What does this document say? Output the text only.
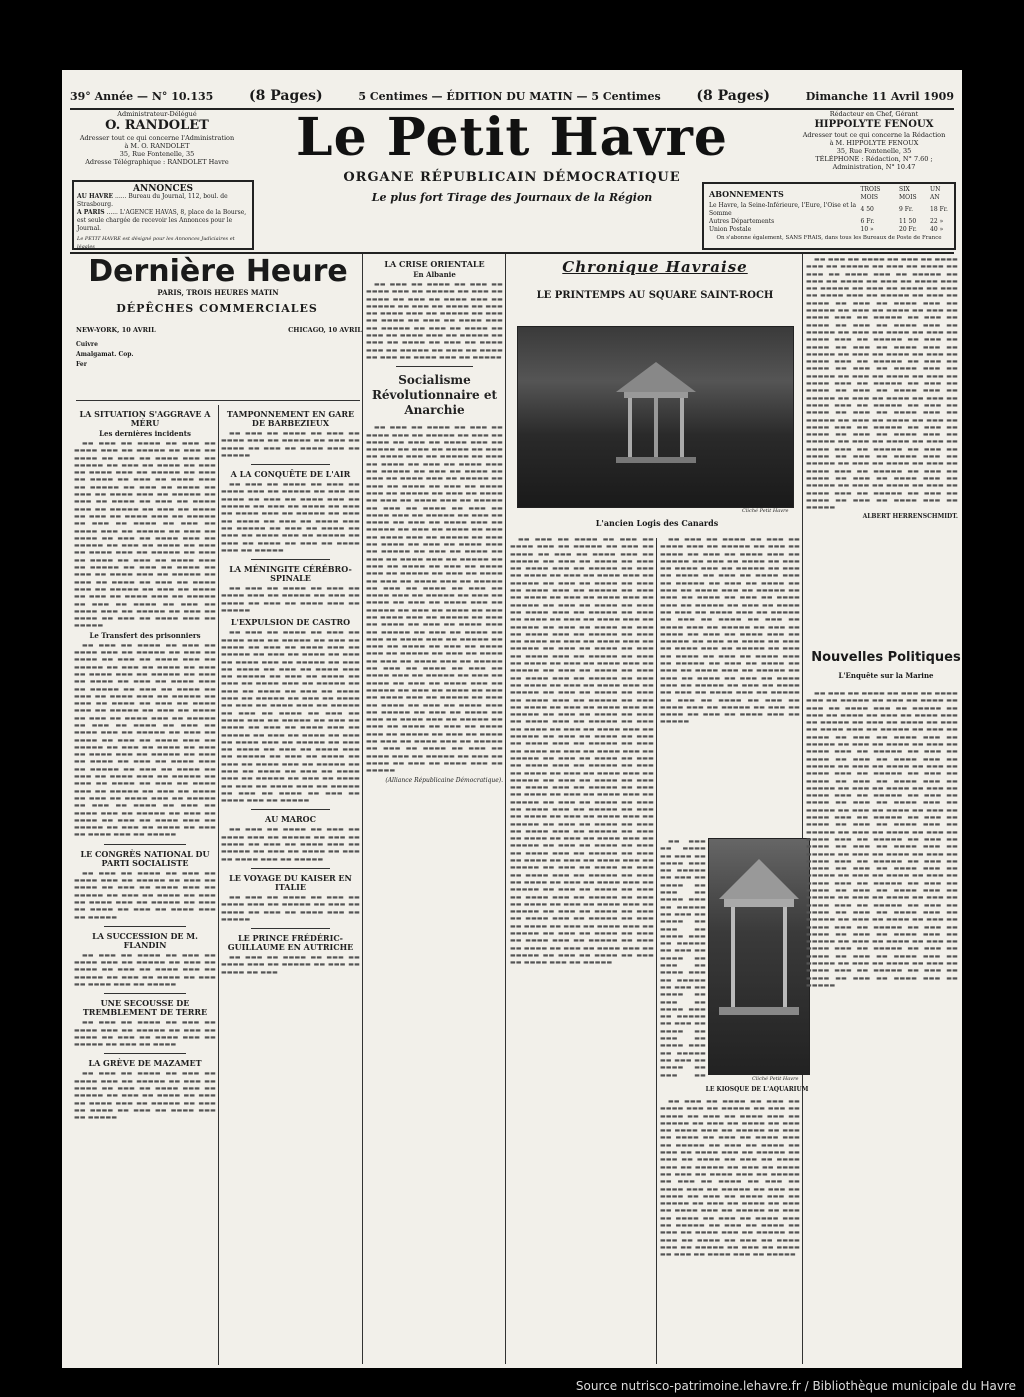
39° Année — N° 10.135	(8 Pages)	5 Centimes — ÉDITION DU MATIN — 5 Centimes	(8 Pages)	Dimanche 11 Avril 1909
Administrateur-Délégué
O. RANDOLET
Adresser tout ce qui concerne l'Administration
à M. O. RANDOLET
35, Rue Fontenelle, 35
Adresse Télégraphique : RANDOLET Havre
ANNONCES
AU HAVRE ...... Bureau du Journal, 112, boul. de Strasbourg.
A PARIS ...... L'AGENCE HAVAS, 8, place de la Bourse, est seule chargée de recevoir les Annonces pour le Journal.
Le PETIT HAVRE est désigné pour les Annonces Judiciaires et légales
Le Petit Havre
ORGANE RÉPUBLICAIN DÉMOCRATIQUE
Le plus fort Tirage des Journaux de la Région
Rédacteur en Chef, Gérant
HIPPOLYTE FENOUX
Adresser tout ce qui concerne la Rédaction
à M. HIPPOLYTE FENOUX
35, Rue Fontenelle, 35
TÉLÉPHONE : Rédaction, N° 7.60 ; Administration, N° 10.47
ABONNEMENTS	TROIS MOIS	SIX MOIS	UN AN
Le Havre, la Seine-Inférieure, l'Eure, l'Oise et la Somme	4 50	9 Fr.	18 Fr.
Autres Départements	6 Fr.	11 50	22 »
Union Postale	10 »	20 Fr.	40 »
On s'abonne également, SANS FRAIS, dans tous les Bureaux de Poste de France
Dernière Heure
PARIS, TROIS HEURES MATIN
DÉPÊCHES COMMERCIALES
NEW-YORK, 10 AVRIL	CHICAGO, 10 AVRIL
Cuivre
Amalgamat. Cop.
Fer
LA SITUATION S'AGGRAVE A MÉRU
Les dernières incidents

▬▬ ▬▬▬ ▬▬ ▬▬▬▬ ▬▬ ▬▬▬ ▬▬ ▬▬▬▬ ▬▬▬ ▬▬ ▬▬▬▬▬ ▬▬ ▬▬▬ ▬▬ ▬▬▬▬ ▬▬ ▬▬▬ ▬▬ ▬▬▬▬ ▬▬▬ ▬▬ ▬▬▬▬▬ ▬▬ ▬▬▬ ▬▬ ▬▬▬▬ ▬▬ ▬▬▬ ▬▬ ▬▬▬▬ ▬▬▬ ▬▬ ▬▬▬▬▬ ▬▬ ▬▬▬ ▬▬ ▬▬▬▬ ▬▬ ▬▬▬ ▬▬ ▬▬▬▬ ▬▬▬ ▬▬ ▬▬▬▬▬ ▬▬ ▬▬▬ ▬▬ ▬▬▬▬ ▬▬ ▬▬▬ ▬▬ ▬▬▬▬ ▬▬▬ ▬▬ ▬▬▬▬▬ ▬▬ ▬▬▬ ▬▬ ▬▬▬▬ ▬▬ ▬▬▬ ▬▬ ▬▬▬▬ ▬▬▬ ▬▬ ▬▬▬▬▬ ▬▬ ▬▬▬ ▬▬ ▬▬▬▬ ▬▬ ▬▬▬ ▬▬ ▬▬▬▬ ▬▬▬ ▬▬ ▬▬▬▬▬ ▬▬ ▬▬▬ ▬▬ ▬▬▬▬ ▬▬ ▬▬▬ ▬▬ ▬▬▬▬ ▬▬▬ ▬▬ ▬▬▬▬▬ ▬▬ ▬▬▬ ▬▬ ▬▬▬▬ ▬▬ ▬▬▬ ▬▬ ▬▬▬▬ ▬▬▬ ▬▬ ▬▬▬▬▬ ▬▬ ▬▬▬ ▬▬ ▬▬▬▬ ▬▬ ▬▬▬ ▬▬ ▬▬▬▬ ▬▬▬ ▬▬ ▬▬▬▬▬ ▬▬ ▬▬▬ ▬▬ ▬▬▬▬ ▬▬ ▬▬▬ ▬▬ ▬▬▬▬ ▬▬▬ ▬▬ ▬▬▬▬▬ ▬▬ ▬▬▬ ▬▬ ▬▬▬▬ ▬▬ ▬▬▬ ▬▬ ▬▬▬▬ ▬▬▬ ▬▬ ▬▬▬▬▬ ▬▬ ▬▬▬ ▬▬ ▬▬▬▬ ▬▬ ▬▬▬ ▬▬ ▬▬▬▬ ▬▬▬ ▬▬ ▬▬▬▬▬ ▬▬ ▬▬▬ ▬▬ ▬▬▬▬ ▬▬ ▬▬▬ ▬▬ ▬▬▬▬ ▬▬▬ ▬▬ ▬▬▬▬▬ ▬▬ ▬▬▬ ▬▬ ▬▬▬▬ ▬▬ ▬▬▬ ▬▬ ▬▬▬▬ ▬▬▬ ▬▬ ▬▬▬▬▬ ▬▬ ▬▬▬ ▬▬ ▬▬▬▬ ▬▬ ▬▬▬ ▬▬ ▬▬▬▬ ▬▬▬ ▬▬ ▬▬▬▬▬

Le Transfert des prisonniers

▬▬ ▬▬▬ ▬▬ ▬▬▬▬ ▬▬ ▬▬▬ ▬▬ ▬▬▬▬ ▬▬▬ ▬▬ ▬▬▬▬▬ ▬▬ ▬▬▬ ▬▬ ▬▬▬▬ ▬▬ ▬▬▬ ▬▬ ▬▬▬▬ ▬▬▬ ▬▬ ▬▬▬▬▬ ▬▬ ▬▬▬ ▬▬ ▬▬▬▬ ▬▬ ▬▬▬ ▬▬ ▬▬▬▬ ▬▬▬ ▬▬ ▬▬▬▬▬ ▬▬ ▬▬▬ ▬▬ ▬▬▬▬ ▬▬ ▬▬▬ ▬▬ ▬▬▬▬ ▬▬▬ ▬▬ ▬▬▬▬▬ ▬▬ ▬▬▬ ▬▬ ▬▬▬▬ ▬▬ ▬▬▬ ▬▬ ▬▬▬▬ ▬▬▬ ▬▬ ▬▬▬▬▬ ▬▬ ▬▬▬ ▬▬ ▬▬▬▬ ▬▬ ▬▬▬ ▬▬ ▬▬▬▬ ▬▬▬ ▬▬ ▬▬▬▬▬ ▬▬ ▬▬▬ ▬▬ ▬▬▬▬ ▬▬ ▬▬▬ ▬▬ ▬▬▬▬ ▬▬▬ ▬▬ ▬▬▬▬▬ ▬▬ ▬▬▬ ▬▬ ▬▬▬▬ ▬▬ ▬▬▬ ▬▬ ▬▬▬▬ ▬▬▬ ▬▬ ▬▬▬▬▬ ▬▬ ▬▬▬ ▬▬ ▬▬▬▬ ▬▬ ▬▬▬ ▬▬ ▬▬▬▬ ▬▬▬ ▬▬ ▬▬▬▬▬ ▬▬ ▬▬▬ ▬▬ ▬▬▬▬ ▬▬ ▬▬▬ ▬▬ ▬▬▬▬ ▬▬▬ ▬▬ ▬▬▬▬▬ ▬▬ ▬▬▬ ▬▬ ▬▬▬▬ ▬▬ ▬▬▬ ▬▬ ▬▬▬▬ ▬▬▬ ▬▬ ▬▬▬▬▬ ▬▬ ▬▬▬ ▬▬ ▬▬▬▬ ▬▬ ▬▬▬ ▬▬ ▬▬▬▬ ▬▬▬ ▬▬ ▬▬▬▬▬ ▬▬ ▬▬▬ ▬▬ ▬▬▬▬ ▬▬ ▬▬▬ ▬▬ ▬▬▬▬ ▬▬▬ ▬▬ ▬▬▬▬▬ ▬▬ ▬▬▬ ▬▬ ▬▬▬▬ ▬▬ ▬▬▬ ▬▬ ▬▬▬▬ ▬▬▬ ▬▬ ▬▬▬▬▬ ▬▬ ▬▬▬ ▬▬ ▬▬▬▬ ▬▬ ▬▬▬ ▬▬ ▬▬▬▬ ▬▬▬ ▬▬ ▬▬▬▬▬ ▬▬ ▬▬▬ ▬▬ ▬▬▬▬ ▬▬ ▬▬▬ ▬▬ ▬▬▬▬ ▬▬▬ ▬▬ ▬▬▬▬▬ ▬▬ ▬▬▬ ▬▬ ▬▬▬▬ ▬▬ ▬▬▬ ▬▬ ▬▬▬▬ ▬▬▬ ▬▬ ▬▬▬▬▬

LE CONGRÈS NATIONAL DU PARTI SOCIALISTE

▬▬ ▬▬▬ ▬▬ ▬▬▬▬ ▬▬ ▬▬▬ ▬▬ ▬▬▬▬ ▬▬▬ ▬▬ ▬▬▬▬▬ ▬▬ ▬▬▬ ▬▬ ▬▬▬▬ ▬▬ ▬▬▬ ▬▬ ▬▬▬▬ ▬▬▬ ▬▬ ▬▬▬▬▬ ▬▬ ▬▬▬ ▬▬ ▬▬▬▬ ▬▬ ▬▬▬ ▬▬ ▬▬▬▬ ▬▬▬ ▬▬ ▬▬▬▬▬ ▬▬ ▬▬▬ ▬▬ ▬▬▬▬ ▬▬ ▬▬▬ ▬▬ ▬▬▬▬ ▬▬▬ ▬▬ ▬▬▬▬▬

LA SUCCESSION DE M. FLANDIN

▬▬ ▬▬▬ ▬▬ ▬▬▬▬ ▬▬ ▬▬▬ ▬▬ ▬▬▬▬ ▬▬▬ ▬▬ ▬▬▬▬▬ ▬▬ ▬▬▬ ▬▬ ▬▬▬▬ ▬▬ ▬▬▬ ▬▬ ▬▬▬▬ ▬▬▬ ▬▬ ▬▬▬▬▬ ▬▬ ▬▬▬ ▬▬ ▬▬▬▬ ▬▬ ▬▬▬ ▬▬ ▬▬▬▬ ▬▬▬ ▬▬ ▬▬▬▬▬

UNE SECOUSSE DE TREMBLEMENT DE TERRE

▬▬ ▬▬▬ ▬▬ ▬▬▬▬ ▬▬ ▬▬▬ ▬▬ ▬▬▬▬ ▬▬▬ ▬▬ ▬▬▬▬▬ ▬▬ ▬▬▬ ▬▬ ▬▬▬▬ ▬▬ ▬▬▬ ▬▬ ▬▬▬▬ ▬▬▬ ▬▬ ▬▬▬▬▬ ▬▬ ▬▬▬ ▬▬ ▬▬▬▬

LA GRÈVE DE MAZAMET

▬▬ ▬▬▬ ▬▬ ▬▬▬▬ ▬▬ ▬▬▬ ▬▬ ▬▬▬▬ ▬▬▬ ▬▬ ▬▬▬▬▬ ▬▬ ▬▬▬ ▬▬ ▬▬▬▬ ▬▬ ▬▬▬ ▬▬ ▬▬▬▬ ▬▬▬ ▬▬ ▬▬▬▬▬ ▬▬ ▬▬▬ ▬▬ ▬▬▬▬ ▬▬ ▬▬▬ ▬▬ ▬▬▬▬ ▬▬▬ ▬▬ ▬▬▬▬▬ ▬▬ ▬▬▬ ▬▬ ▬▬▬▬ ▬▬ ▬▬▬ ▬▬ ▬▬▬▬ ▬▬▬ ▬▬ ▬▬▬▬▬

TAMPONNEMENT EN GARE DE BARBEZIEUX

▬▬ ▬▬▬ ▬▬ ▬▬▬▬ ▬▬ ▬▬▬ ▬▬ ▬▬▬▬ ▬▬▬ ▬▬ ▬▬▬▬▬ ▬▬ ▬▬▬ ▬▬ ▬▬▬▬ ▬▬ ▬▬▬ ▬▬ ▬▬▬▬ ▬▬▬ ▬▬ ▬▬▬▬▬

A LA CONQUÊTE DE L'AIR

▬▬ ▬▬▬ ▬▬ ▬▬▬▬ ▬▬ ▬▬▬ ▬▬ ▬▬▬▬ ▬▬▬ ▬▬ ▬▬▬▬▬ ▬▬ ▬▬▬ ▬▬ ▬▬▬▬ ▬▬ ▬▬▬ ▬▬ ▬▬▬▬ ▬▬▬ ▬▬ ▬▬▬▬▬ ▬▬ ▬▬▬ ▬▬ ▬▬▬▬ ▬▬ ▬▬▬ ▬▬ ▬▬▬▬ ▬▬▬ ▬▬ ▬▬▬▬▬ ▬▬ ▬▬▬ ▬▬ ▬▬▬▬ ▬▬ ▬▬▬ ▬▬ ▬▬▬▬ ▬▬▬ ▬▬ ▬▬▬▬▬ ▬▬ ▬▬▬ ▬▬ ▬▬▬▬ ▬▬ ▬▬▬ ▬▬ ▬▬▬▬ ▬▬▬ ▬▬ ▬▬▬▬▬ ▬▬ ▬▬▬ ▬▬ ▬▬▬▬ ▬▬ ▬▬▬ ▬▬ ▬▬▬▬ ▬▬▬ ▬▬ ▬▬▬▬▬

LA MÉNINGITE CÉRÉBRO-SPINALE

▬▬ ▬▬▬ ▬▬ ▬▬▬▬ ▬▬ ▬▬▬ ▬▬ ▬▬▬▬ ▬▬▬ ▬▬ ▬▬▬▬▬ ▬▬ ▬▬▬ ▬▬ ▬▬▬▬ ▬▬ ▬▬▬ ▬▬ ▬▬▬▬ ▬▬▬ ▬▬ ▬▬▬▬▬

L'EXPULSION DE CASTRO

▬▬ ▬▬▬ ▬▬ ▬▬▬▬ ▬▬ ▬▬▬ ▬▬ ▬▬▬▬ ▬▬▬ ▬▬ ▬▬▬▬▬ ▬▬ ▬▬▬ ▬▬ ▬▬▬▬ ▬▬ ▬▬▬ ▬▬ ▬▬▬▬ ▬▬▬ ▬▬ ▬▬▬▬▬ ▬▬ ▬▬▬ ▬▬ ▬▬▬▬ ▬▬ ▬▬▬ ▬▬ ▬▬▬▬ ▬▬▬ ▬▬ ▬▬▬▬▬ ▬▬ ▬▬▬ ▬▬ ▬▬▬▬ ▬▬ ▬▬▬ ▬▬ ▬▬▬▬ ▬▬▬ ▬▬ ▬▬▬▬▬ ▬▬ ▬▬▬ ▬▬ ▬▬▬▬ ▬▬ ▬▬▬ ▬▬ ▬▬▬▬ ▬▬▬ ▬▬ ▬▬▬▬▬ ▬▬ ▬▬▬ ▬▬ ▬▬▬▬ ▬▬ ▬▬▬ ▬▬ ▬▬▬▬ ▬▬▬ ▬▬ ▬▬▬▬▬ ▬▬ ▬▬▬ ▬▬ ▬▬▬▬ ▬▬ ▬▬▬ ▬▬ ▬▬▬▬ ▬▬▬ ▬▬ ▬▬▬▬▬ ▬▬ ▬▬▬ ▬▬ ▬▬▬▬ ▬▬ ▬▬▬ ▬▬ ▬▬▬▬ ▬▬▬ ▬▬ ▬▬▬▬▬ ▬▬ ▬▬▬ ▬▬ ▬▬▬▬ ▬▬ ▬▬▬ ▬▬ ▬▬▬▬ ▬▬▬ ▬▬ ▬▬▬▬▬ ▬▬ ▬▬▬ ▬▬ ▬▬▬▬ ▬▬ ▬▬▬ ▬▬ ▬▬▬▬ ▬▬▬ ▬▬ ▬▬▬▬▬ ▬▬ ▬▬▬ ▬▬ ▬▬▬▬ ▬▬ ▬▬▬ ▬▬ ▬▬▬▬ ▬▬▬ ▬▬ ▬▬▬▬▬ ▬▬ ▬▬▬ ▬▬ ▬▬▬▬ ▬▬ ▬▬▬ ▬▬ ▬▬▬▬ ▬▬▬ ▬▬ ▬▬▬▬▬ ▬▬ ▬▬▬ ▬▬ ▬▬▬▬ ▬▬ ▬▬▬ ▬▬ ▬▬▬▬ ▬▬▬ ▬▬ ▬▬▬▬▬ ▬▬ ▬▬▬ ▬▬ ▬▬▬▬ ▬▬ ▬▬▬ ▬▬ ▬▬▬▬ ▬▬▬ ▬▬ ▬▬▬▬▬ ▬▬ ▬▬▬ ▬▬ ▬▬▬▬ ▬▬ ▬▬▬ ▬▬ ▬▬▬▬ ▬▬▬ ▬▬ ▬▬▬▬▬

AU MAROC

▬▬ ▬▬▬ ▬▬ ▬▬▬▬ ▬▬ ▬▬▬ ▬▬ ▬▬▬▬ ▬▬▬ ▬▬ ▬▬▬▬▬ ▬▬ ▬▬▬ ▬▬ ▬▬▬▬ ▬▬ ▬▬▬ ▬▬ ▬▬▬▬ ▬▬▬ ▬▬ ▬▬▬▬▬ ▬▬ ▬▬▬ ▬▬ ▬▬▬▬ ▬▬ ▬▬▬ ▬▬ ▬▬▬▬ ▬▬▬ ▬▬ ▬▬▬▬▬

LE VOYAGE DU KAISER EN ITALIE

▬▬ ▬▬▬ ▬▬ ▬▬▬▬ ▬▬ ▬▬▬ ▬▬ ▬▬▬▬ ▬▬▬ ▬▬ ▬▬▬▬▬ ▬▬ ▬▬▬ ▬▬ ▬▬▬▬ ▬▬ ▬▬▬ ▬▬ ▬▬▬▬ ▬▬▬ ▬▬ ▬▬▬▬▬

LE PRINCE FRÉDÉRIC-GUILLAUME EN AUTRICHE

▬▬ ▬▬▬ ▬▬ ▬▬▬▬ ▬▬ ▬▬▬ ▬▬ ▬▬▬▬ ▬▬▬ ▬▬ ▬▬▬▬▬ ▬▬ ▬▬▬ ▬▬ ▬▬▬▬ ▬▬ ▬▬▬

LA CRISE ORIENTALE
En Albanie

▬▬ ▬▬▬ ▬▬ ▬▬▬▬ ▬▬ ▬▬▬ ▬▬ ▬▬▬▬ ▬▬▬ ▬▬ ▬▬▬▬▬ ▬▬ ▬▬▬ ▬▬ ▬▬▬▬ ▬▬ ▬▬▬ ▬▬ ▬▬▬▬ ▬▬▬ ▬▬ ▬▬▬▬▬ ▬▬ ▬▬▬ ▬▬ ▬▬▬▬ ▬▬ ▬▬▬ ▬▬ ▬▬▬▬ ▬▬▬ ▬▬ ▬▬▬▬▬ ▬▬ ▬▬▬ ▬▬ ▬▬▬▬ ▬▬ ▬▬▬ ▬▬ ▬▬▬▬ ▬▬▬ ▬▬ ▬▬▬▬▬ ▬▬ ▬▬▬ ▬▬ ▬▬▬▬ ▬▬ ▬▬▬ ▬▬ ▬▬▬▬ ▬▬▬ ▬▬ ▬▬▬▬▬ ▬▬ ▬▬▬ ▬▬ ▬▬▬▬ ▬▬ ▬▬▬ ▬▬ ▬▬▬▬ ▬▬▬ ▬▬ ▬▬▬▬▬ ▬▬ ▬▬▬ ▬▬ ▬▬▬▬ ▬▬ ▬▬▬ ▬▬ ▬▬▬▬ ▬▬▬ ▬▬ ▬▬▬▬▬

Socialisme Révolutionnaire et Anarchie

▬▬ ▬▬▬ ▬▬ ▬▬▬▬ ▬▬ ▬▬▬ ▬▬ ▬▬▬▬ ▬▬▬ ▬▬ ▬▬▬▬▬ ▬▬ ▬▬▬ ▬▬ ▬▬▬▬ ▬▬ ▬▬▬ ▬▬ ▬▬▬▬ ▬▬▬ ▬▬ ▬▬▬▬▬ ▬▬ ▬▬▬ ▬▬ ▬▬▬▬ ▬▬ ▬▬▬ ▬▬ ▬▬▬▬ ▬▬▬ ▬▬ ▬▬▬▬▬ ▬▬ ▬▬▬ ▬▬ ▬▬▬▬ ▬▬ ▬▬▬ ▬▬ ▬▬▬▬ ▬▬▬ ▬▬ ▬▬▬▬▬ ▬▬ ▬▬▬ ▬▬ ▬▬▬▬ ▬▬ ▬▬▬ ▬▬ ▬▬▬▬ ▬▬▬ ▬▬ ▬▬▬▬▬ ▬▬ ▬▬▬ ▬▬ ▬▬▬▬ ▬▬ ▬▬▬ ▬▬ ▬▬▬▬ ▬▬▬ ▬▬ ▬▬▬▬▬ ▬▬ ▬▬▬ ▬▬ ▬▬▬▬ ▬▬ ▬▬▬ ▬▬ ▬▬▬▬ ▬▬▬ ▬▬ ▬▬▬▬▬ ▬▬ ▬▬▬ ▬▬ ▬▬▬▬ ▬▬ ▬▬▬ ▬▬ ▬▬▬▬ ▬▬▬ ▬▬ ▬▬▬▬▬ ▬▬ ▬▬▬ ▬▬ ▬▬▬▬ ▬▬ ▬▬▬ ▬▬ ▬▬▬▬ ▬▬▬ ▬▬ ▬▬▬▬▬ ▬▬ ▬▬▬ ▬▬ ▬▬▬▬ ▬▬ ▬▬▬ ▬▬ ▬▬▬▬ ▬▬▬ ▬▬ ▬▬▬▬▬ ▬▬ ▬▬▬ ▬▬ ▬▬▬▬ ▬▬ ▬▬▬ ▬▬ ▬▬▬▬ ▬▬▬ ▬▬ ▬▬▬▬▬ ▬▬ ▬▬▬ ▬▬ ▬▬▬▬ ▬▬ ▬▬▬ ▬▬ ▬▬▬▬ ▬▬▬ ▬▬ ▬▬▬▬▬ ▬▬ ▬▬▬ ▬▬ ▬▬▬▬ ▬▬ ▬▬▬ ▬▬ ▬▬▬▬ ▬▬▬ ▬▬ ▬▬▬▬▬ ▬▬ ▬▬▬ ▬▬ ▬▬▬▬ ▬▬ ▬▬▬ ▬▬ ▬▬▬▬ ▬▬▬ ▬▬ ▬▬▬▬▬ ▬▬ ▬▬▬ ▬▬ ▬▬▬▬ ▬▬ ▬▬▬ ▬▬ ▬▬▬▬ ▬▬▬ ▬▬ ▬▬▬▬▬ ▬▬ ▬▬▬ ▬▬ ▬▬▬▬ ▬▬ ▬▬▬ ▬▬ ▬▬▬▬ ▬▬▬ ▬▬ ▬▬▬▬▬ ▬▬ ▬▬▬ ▬▬ ▬▬▬▬ ▬▬ ▬▬▬ ▬▬ ▬▬▬▬ ▬▬▬ ▬▬ ▬▬▬▬▬ ▬▬ ▬▬▬ ▬▬ ▬▬▬▬ ▬▬ ▬▬▬ ▬▬ ▬▬▬▬ ▬▬▬ ▬▬ ▬▬▬▬▬ ▬▬ ▬▬▬ ▬▬ ▬▬▬▬ ▬▬ ▬▬▬ ▬▬ ▬▬▬▬ ▬▬▬ ▬▬ ▬▬▬▬▬ ▬▬ ▬▬▬ ▬▬ ▬▬▬▬ ▬▬ ▬▬▬ ▬▬ ▬▬▬▬ ▬▬▬ ▬▬ ▬▬▬▬▬ ▬▬ ▬▬▬ ▬▬ ▬▬▬▬ ▬▬ ▬▬▬ ▬▬ ▬▬▬▬ ▬▬▬ ▬▬ ▬▬▬▬▬ ▬▬ ▬▬▬ ▬▬ ▬▬▬▬ ▬▬ ▬▬▬ ▬▬ ▬▬▬▬ ▬▬▬ ▬▬ ▬▬▬▬▬ ▬▬ ▬▬▬ ▬▬ ▬▬▬▬ ▬▬ ▬▬▬ ▬▬ ▬▬▬▬ ▬▬▬ ▬▬ ▬▬▬▬▬ ▬▬ ▬▬▬ ▬▬ ▬▬▬▬ ▬▬ ▬▬▬ ▬▬ ▬▬▬▬ ▬▬▬ ▬▬ ▬▬▬▬▬ ▬▬ ▬▬▬ ▬▬ ▬▬▬▬ ▬▬ ▬▬▬ ▬▬ ▬▬▬▬ ▬▬▬ ▬▬ ▬▬▬▬▬ ▬▬ ▬▬▬ ▬▬ ▬▬▬▬ ▬▬ ▬▬▬ ▬▬ ▬▬▬▬ ▬▬▬ ▬▬ ▬▬▬▬▬ ▬▬ ▬▬▬ ▬▬ ▬▬▬▬ ▬▬ ▬▬▬ ▬▬ ▬▬▬▬ ▬▬▬ ▬▬ ▬▬▬▬▬ ▬▬ ▬▬▬ ▬▬ ▬▬▬▬ ▬▬ ▬▬▬ ▬▬ ▬▬▬▬ ▬▬▬ ▬▬ ▬▬▬▬▬ ▬▬ ▬▬▬ ▬▬ ▬▬▬▬ ▬▬ ▬▬▬ ▬▬ ▬▬▬▬ ▬▬▬ ▬▬ ▬▬▬▬▬ ▬▬ ▬▬▬ ▬▬ ▬▬▬▬ ▬▬ ▬▬▬ ▬▬ ▬▬▬▬ ▬▬▬ ▬▬ ▬▬▬▬▬

(Alliance Républicaine Démocratique).

Chronique Havraise
LE PRINTEMPS AU SQUARE SAINT-ROCH
Cliché Petit Havre
L'ancien Logis des Canards

▬▬ ▬▬▬ ▬▬ ▬▬▬▬ ▬▬ ▬▬▬ ▬▬ ▬▬▬▬ ▬▬▬ ▬▬ ▬▬▬▬▬ ▬▬ ▬▬▬ ▬▬ ▬▬▬▬ ▬▬ ▬▬▬ ▬▬ ▬▬▬▬ ▬▬▬ ▬▬ ▬▬▬▬▬ ▬▬ ▬▬▬ ▬▬ ▬▬▬▬ ▬▬ ▬▬▬ ▬▬ ▬▬▬▬ ▬▬▬ ▬▬ ▬▬▬▬▬ ▬▬ ▬▬▬ ▬▬ ▬▬▬▬ ▬▬ ▬▬▬ ▬▬ ▬▬▬▬ ▬▬▬ ▬▬ ▬▬▬▬▬ ▬▬ ▬▬▬ ▬▬ ▬▬▬▬ ▬▬ ▬▬▬ ▬▬ ▬▬▬▬ ▬▬▬ ▬▬ ▬▬▬▬▬ ▬▬ ▬▬▬ ▬▬ ▬▬▬▬ ▬▬ ▬▬▬ ▬▬ ▬▬▬▬ ▬▬▬ ▬▬ ▬▬▬▬▬ ▬▬ ▬▬▬ ▬▬ ▬▬▬▬ ▬▬ ▬▬▬ ▬▬ ▬▬▬▬ ▬▬▬ ▬▬ ▬▬▬▬▬ ▬▬ ▬▬▬ ▬▬ ▬▬▬▬ ▬▬ ▬▬▬ ▬▬ ▬▬▬▬ ▬▬▬ ▬▬ ▬▬▬▬▬ ▬▬ ▬▬▬ ▬▬ ▬▬▬▬ ▬▬ ▬▬▬ ▬▬ ▬▬▬▬ ▬▬▬ ▬▬ ▬▬▬▬▬ ▬▬ ▬▬▬ ▬▬ ▬▬▬▬ ▬▬ ▬▬▬ ▬▬ ▬▬▬▬ ▬▬▬ ▬▬ ▬▬▬▬▬ ▬▬ ▬▬▬ ▬▬ ▬▬▬▬ ▬▬ ▬▬▬ ▬▬ ▬▬▬▬ ▬▬▬ ▬▬ ▬▬▬▬▬ ▬▬ ▬▬▬ ▬▬ ▬▬▬▬ ▬▬ ▬▬▬ ▬▬ ▬▬▬▬ ▬▬▬ ▬▬ ▬▬▬▬▬ ▬▬ ▬▬▬ ▬▬ ▬▬▬▬ ▬▬ ▬▬▬ ▬▬ ▬▬▬▬ ▬▬▬ ▬▬ ▬▬▬▬▬ ▬▬ ▬▬▬ ▬▬ ▬▬▬▬ ▬▬ ▬▬▬ ▬▬ ▬▬▬▬ ▬▬▬ ▬▬ ▬▬▬▬▬ ▬▬ ▬▬▬ ▬▬ ▬▬▬▬ ▬▬ ▬▬▬ ▬▬ ▬▬▬▬ ▬▬▬ ▬▬ ▬▬▬▬▬ ▬▬ ▬▬▬ ▬▬ ▬▬▬▬ ▬▬ ▬▬▬ ▬▬ ▬▬▬▬ ▬▬▬ ▬▬ ▬▬▬▬▬ ▬▬ ▬▬▬ ▬▬ ▬▬▬▬ ▬▬ ▬▬▬ ▬▬ ▬▬▬▬ ▬▬▬ ▬▬ ▬▬▬▬▬ ▬▬ ▬▬▬ ▬▬ ▬▬▬▬ ▬▬ ▬▬▬ ▬▬ ▬▬▬▬ ▬▬▬ ▬▬ ▬▬▬▬▬ ▬▬ ▬▬▬ ▬▬ ▬▬▬▬ ▬▬ ▬▬▬ ▬▬ ▬▬▬▬ ▬▬▬ ▬▬ ▬▬▬▬▬ ▬▬ ▬▬▬ ▬▬ ▬▬▬▬ ▬▬ ▬▬▬ ▬▬ ▬▬▬▬ ▬▬▬ ▬▬ ▬▬▬▬▬ ▬▬ ▬▬▬ ▬▬ ▬▬▬▬ ▬▬ ▬▬▬ ▬▬ ▬▬▬▬ ▬▬▬ ▬▬ ▬▬▬▬▬ ▬▬ ▬▬▬ ▬▬ ▬▬▬▬ ▬▬ ▬▬▬ ▬▬ ▬▬▬▬ ▬▬▬ ▬▬ ▬▬▬▬▬ ▬▬ ▬▬▬ ▬▬ ▬▬▬▬ ▬▬ ▬▬▬ ▬▬ ▬▬▬▬ ▬▬▬ ▬▬ ▬▬▬▬▬ ▬▬ ▬▬▬ ▬▬ ▬▬▬▬ ▬▬ ▬▬▬ ▬▬ ▬▬▬▬ ▬▬▬ ▬▬ ▬▬▬▬▬ ▬▬ ▬▬▬ ▬▬ ▬▬▬▬ ▬▬ ▬▬▬ ▬▬ ▬▬▬▬ ▬▬▬ ▬▬ ▬▬▬▬▬ ▬▬ ▬▬▬ ▬▬ ▬▬▬▬ ▬▬ ▬▬▬ ▬▬ ▬▬▬▬ ▬▬▬ ▬▬ ▬▬▬▬▬ ▬▬ ▬▬▬ ▬▬ ▬▬▬▬ ▬▬ ▬▬▬ ▬▬ ▬▬▬▬ ▬▬▬ ▬▬ ▬▬▬▬▬ ▬▬ ▬▬▬ ▬▬ ▬▬▬▬ ▬▬ ▬▬▬ ▬▬ ▬▬▬▬ ▬▬▬ ▬▬ ▬▬▬▬▬ ▬▬ ▬▬▬ ▬▬ ▬▬▬▬ ▬▬ ▬▬▬ ▬▬ ▬▬▬▬ ▬▬▬ ▬▬ ▬▬▬▬▬ ▬▬ ▬▬▬ ▬▬ ▬▬▬▬ ▬▬ ▬▬▬ ▬▬ ▬▬▬▬ ▬▬▬ ▬▬ ▬▬▬▬▬ ▬▬ ▬▬▬ ▬▬ ▬▬▬▬ ▬▬ ▬▬▬ ▬▬ ▬▬▬▬ ▬▬▬ ▬▬ ▬▬▬▬▬ ▬▬ ▬▬▬ ▬▬ ▬▬▬▬ ▬▬ ▬▬▬ ▬▬ ▬▬▬▬ ▬▬▬ ▬▬ ▬▬▬▬▬ ▬▬ ▬▬▬ ▬▬ ▬▬▬▬ ▬▬ ▬▬▬ ▬▬ ▬▬▬▬ ▬▬▬ ▬▬ ▬▬▬▬▬ ▬▬ ▬▬▬ ▬▬ ▬▬▬▬ ▬▬ ▬▬▬ ▬▬ ▬▬▬▬ ▬▬▬ ▬▬ ▬▬▬▬▬ ▬▬ ▬▬▬ ▬▬ ▬▬▬▬ ▬▬ ▬▬▬ ▬▬ ▬▬▬▬ ▬▬▬ ▬▬ ▬▬▬▬▬ ▬▬ ▬▬▬ ▬▬ ▬▬▬▬ ▬▬ ▬▬▬ ▬▬ ▬▬▬▬ ▬▬▬ ▬▬ ▬▬▬▬▬ ▬▬ ▬▬▬ ▬▬ ▬▬▬▬ ▬▬ ▬▬▬ ▬▬ ▬▬▬▬ ▬▬▬ ▬▬ ▬▬▬▬▬ ▬▬ ▬▬▬ ▬▬ ▬▬▬▬ ▬▬ ▬▬▬ ▬▬ ▬▬▬▬ ▬▬▬ ▬▬ ▬▬▬▬▬ ▬▬ ▬▬▬ ▬▬ ▬▬▬▬ ▬▬ ▬▬▬ ▬▬ ▬▬▬▬ ▬▬▬ ▬▬ ▬▬▬▬▬

▬▬ ▬▬▬ ▬▬ ▬▬▬▬ ▬▬ ▬▬▬ ▬▬ ▬▬▬▬ ▬▬▬ ▬▬ ▬▬▬▬▬ ▬▬ ▬▬▬ ▬▬ ▬▬▬▬ ▬▬ ▬▬▬ ▬▬ ▬▬▬▬ ▬▬▬ ▬▬ ▬▬▬▬▬ ▬▬ ▬▬▬ ▬▬ ▬▬▬▬ ▬▬ ▬▬▬ ▬▬ ▬▬▬▬ ▬▬▬ ▬▬ ▬▬▬▬▬ ▬▬ ▬▬▬ ▬▬ ▬▬▬▬ ▬▬ ▬▬▬ ▬▬ ▬▬▬▬ ▬▬▬ ▬▬ ▬▬▬▬▬ ▬▬ ▬▬▬ ▬▬ ▬▬▬▬ ▬▬ ▬▬▬ ▬▬ ▬▬▬▬ ▬▬▬ ▬▬ ▬▬▬▬▬ ▬▬ ▬▬▬ ▬▬ ▬▬▬▬ ▬▬ ▬▬▬ ▬▬ ▬▬▬▬ ▬▬▬ ▬▬ ▬▬▬▬▬ ▬▬ ▬▬▬ ▬▬ ▬▬▬▬ ▬▬ ▬▬▬ ▬▬ ▬▬▬▬ ▬▬▬ ▬▬ ▬▬▬▬▬ ▬▬ ▬▬▬ ▬▬ ▬▬▬▬ ▬▬ ▬▬▬ ▬▬ ▬▬▬▬ ▬▬▬ ▬▬ ▬▬▬▬▬ ▬▬ ▬▬▬ ▬▬ ▬▬▬▬ ▬▬ ▬▬▬ ▬▬ ▬▬▬▬ ▬▬▬ ▬▬ ▬▬▬▬▬ ▬▬ ▬▬▬ ▬▬ ▬▬▬▬ ▬▬ ▬▬▬ ▬▬ ▬▬▬▬ ▬▬▬ ▬▬ ▬▬▬▬▬ ▬▬ ▬▬▬ ▬▬ ▬▬▬▬ ▬▬ ▬▬▬ ▬▬ ▬▬▬▬ ▬▬▬ ▬▬ ▬▬▬▬▬ ▬▬ ▬▬▬ ▬▬ ▬▬▬▬ ▬▬ ▬▬▬ ▬▬ ▬▬▬▬ ▬▬▬ ▬▬ ▬▬▬▬▬ ▬▬ ▬▬▬ ▬▬ ▬▬▬▬ ▬▬ ▬▬▬ ▬▬ ▬▬▬▬ ▬▬▬ ▬▬ ▬▬▬▬▬ ▬▬ ▬▬▬ ▬▬ ▬▬▬▬ ▬▬ ▬▬▬ ▬▬ ▬▬▬▬ ▬▬▬ ▬▬ ▬▬▬▬▬ ▬▬ ▬▬▬ ▬▬ ▬▬▬▬ ▬▬ ▬▬▬ ▬▬ ▬▬▬▬ ▬▬▬ ▬▬ ▬▬▬▬▬ ▬▬ ▬▬▬ ▬▬ ▬▬▬▬ ▬▬ ▬▬▬ ▬▬ ▬▬▬▬ ▬▬▬ ▬▬ ▬▬▬▬▬

▬▬ ▬▬▬ ▬▬ ▬▬▬▬ ▬▬ ▬▬▬ ▬▬ ▬▬▬▬ ▬▬▬ ▬▬ ▬▬▬▬▬ ▬▬ ▬▬▬ ▬▬ ▬▬▬▬ ▬▬ ▬▬▬ ▬▬ ▬▬▬▬ ▬▬▬ ▬▬ ▬▬▬▬▬ ▬▬ ▬▬▬ ▬▬ ▬▬▬▬ ▬▬ ▬▬▬ ▬▬ ▬▬▬▬ ▬▬▬ ▬▬ ▬▬▬▬▬ ▬▬ ▬▬▬ ▬▬ ▬▬▬▬ ▬▬ ▬▬▬ ▬▬ ▬▬▬▬ ▬▬▬ ▬▬ ▬▬▬▬▬ ▬▬ ▬▬▬ ▬▬ ▬▬▬▬ ▬▬ ▬▬▬ ▬▬ ▬▬▬▬ ▬▬▬ ▬▬ ▬▬▬▬▬ ▬▬ ▬▬▬ ▬▬ ▬▬▬▬ ▬▬ ▬▬▬ ▬▬ ▬▬▬▬ ▬▬▬ ▬▬ ▬▬▬▬▬ ▬▬ ▬▬▬ ▬▬ ▬▬▬▬ ▬▬ ▬▬▬ ▬▬

Cliché Petit Havre
LE KIOSQUE DE L'AQUARIUM

▬▬ ▬▬▬ ▬▬ ▬▬▬▬ ▬▬ ▬▬▬ ▬▬ ▬▬▬▬ ▬▬▬ ▬▬ ▬▬▬▬▬ ▬▬ ▬▬▬ ▬▬ ▬▬▬▬ ▬▬ ▬▬▬ ▬▬ ▬▬▬▬ ▬▬▬ ▬▬ ▬▬▬▬▬ ▬▬ ▬▬▬ ▬▬ ▬▬▬▬ ▬▬ ▬▬▬ ▬▬ ▬▬▬▬ ▬▬▬ ▬▬ ▬▬▬▬▬ ▬▬ ▬▬▬ ▬▬ ▬▬▬▬ ▬▬ ▬▬▬ ▬▬ ▬▬▬▬ ▬▬▬ ▬▬ ▬▬▬▬▬ ▬▬ ▬▬▬ ▬▬ ▬▬▬▬ ▬▬ ▬▬▬ ▬▬ ▬▬▬▬ ▬▬▬ ▬▬ ▬▬▬▬▬ ▬▬ ▬▬▬ ▬▬ ▬▬▬▬ ▬▬ ▬▬▬ ▬▬ ▬▬▬▬ ▬▬▬ ▬▬ ▬▬▬▬▬ ▬▬ ▬▬▬ ▬▬ ▬▬▬▬ ▬▬ ▬▬▬ ▬▬ ▬▬▬▬ ▬▬▬ ▬▬ ▬▬▬▬▬ ▬▬ ▬▬▬ ▬▬ ▬▬▬▬ ▬▬ ▬▬▬ ▬▬ ▬▬▬▬ ▬▬▬ ▬▬ ▬▬▬▬▬ ▬▬ ▬▬▬ ▬▬ ▬▬▬▬ ▬▬ ▬▬▬ ▬▬ ▬▬▬▬ ▬▬▬ ▬▬ ▬▬▬▬▬ ▬▬ ▬▬▬ ▬▬ ▬▬▬▬ ▬▬ ▬▬▬ ▬▬ ▬▬▬▬ ▬▬▬ ▬▬ ▬▬▬▬▬ ▬▬ ▬▬▬ ▬▬ ▬▬▬▬ ▬▬ ▬▬▬ ▬▬ ▬▬▬▬ ▬▬▬ ▬▬ ▬▬▬▬▬ ▬▬ ▬▬▬ ▬▬ ▬▬▬▬ ▬▬ ▬▬▬ ▬▬ ▬▬▬▬ ▬▬▬ ▬▬ ▬▬▬▬▬ ▬▬ ▬▬▬ ▬▬ ▬▬▬▬ ▬▬ ▬▬▬ ▬▬ ▬▬▬▬ ▬▬▬ ▬▬ ▬▬▬▬▬ ▬▬ ▬▬▬ ▬▬ ▬▬▬▬ ▬▬ ▬▬▬ ▬▬ ▬▬▬▬ ▬▬▬ ▬▬ ▬▬▬▬▬

▬▬ ▬▬▬ ▬▬ ▬▬▬▬ ▬▬ ▬▬▬ ▬▬ ▬▬▬▬ ▬▬▬ ▬▬ ▬▬▬▬▬ ▬▬ ▬▬▬ ▬▬ ▬▬▬▬ ▬▬ ▬▬▬ ▬▬ ▬▬▬▬ ▬▬▬ ▬▬ ▬▬▬▬▬ ▬▬ ▬▬▬ ▬▬ ▬▬▬▬ ▬▬ ▬▬▬ ▬▬ ▬▬▬▬ ▬▬▬ ▬▬ ▬▬▬▬▬ ▬▬ ▬▬▬ ▬▬ ▬▬▬▬ ▬▬ ▬▬▬ ▬▬ ▬▬▬▬ ▬▬▬ ▬▬ ▬▬▬▬▬ ▬▬ ▬▬▬ ▬▬ ▬▬▬▬ ▬▬ ▬▬▬ ▬▬ ▬▬▬▬ ▬▬▬ ▬▬ ▬▬▬▬▬ ▬▬ ▬▬▬ ▬▬ ▬▬▬▬ ▬▬ ▬▬▬ ▬▬ ▬▬▬▬ ▬▬▬ ▬▬ ▬▬▬▬▬ ▬▬ ▬▬▬ ▬▬ ▬▬▬▬ ▬▬ ▬▬▬ ▬▬ ▬▬▬▬ ▬▬▬ ▬▬ ▬▬▬▬▬ ▬▬ ▬▬▬ ▬▬ ▬▬▬▬ ▬▬ ▬▬▬ ▬▬ ▬▬▬▬ ▬▬▬ ▬▬ ▬▬▬▬▬ ▬▬ ▬▬▬ ▬▬ ▬▬▬▬ ▬▬ ▬▬▬ ▬▬ ▬▬▬▬ ▬▬▬ ▬▬ ▬▬▬▬▬ ▬▬ ▬▬▬ ▬▬ ▬▬▬▬ ▬▬ ▬▬▬ ▬▬ ▬▬▬▬ ▬▬▬ ▬▬ ▬▬▬▬▬ ▬▬ ▬▬▬ ▬▬ ▬▬▬▬ ▬▬ ▬▬▬ ▬▬ ▬▬▬▬ ▬▬▬ ▬▬ ▬▬▬▬▬ ▬▬ ▬▬▬ ▬▬ ▬▬▬▬ ▬▬ ▬▬▬ ▬▬ ▬▬▬▬ ▬▬▬ ▬▬ ▬▬▬▬▬ ▬▬ ▬▬▬ ▬▬ ▬▬▬▬ ▬▬ ▬▬▬ ▬▬ ▬▬▬▬ ▬▬▬ ▬▬ ▬▬▬▬▬ ▬▬ ▬▬▬ ▬▬ ▬▬▬▬ ▬▬ ▬▬▬ ▬▬ ▬▬▬▬ ▬▬▬ ▬▬ ▬▬▬▬▬ ▬▬ ▬▬▬ ▬▬ ▬▬▬▬ ▬▬ ▬▬▬ ▬▬ ▬▬▬▬ ▬▬▬ ▬▬ ▬▬▬▬▬ ▬▬ ▬▬▬ ▬▬ ▬▬▬▬ ▬▬ ▬▬▬ ▬▬ ▬▬▬▬ ▬▬▬ ▬▬ ▬▬▬▬▬ ▬▬ ▬▬▬ ▬▬ ▬▬▬▬ ▬▬ ▬▬▬ ▬▬ ▬▬▬▬ ▬▬▬ ▬▬ ▬▬▬▬▬ ▬▬ ▬▬▬ ▬▬ ▬▬▬▬ ▬▬ ▬▬▬ ▬▬ ▬▬▬▬ ▬▬▬ ▬▬ ▬▬▬▬▬ ▬▬ ▬▬▬ ▬▬ ▬▬▬▬ ▬▬ ▬▬▬ ▬▬ ▬▬▬▬ ▬▬▬ ▬▬ ▬▬▬▬▬ ▬▬ ▬▬▬ ▬▬ ▬▬▬▬ ▬▬ ▬▬▬ ▬▬ ▬▬▬▬ ▬▬▬ ▬▬ ▬▬▬▬▬ ▬▬ ▬▬▬ ▬▬ ▬▬▬▬ ▬▬ ▬▬▬ ▬▬ ▬▬▬▬ ▬▬▬ ▬▬ ▬▬▬▬▬ ▬▬ ▬▬▬ ▬▬ ▬▬▬▬ ▬▬ ▬▬▬ ▬▬ ▬▬▬▬ ▬▬▬ ▬▬ ▬▬▬▬▬ ▬▬ ▬▬▬ ▬▬ ▬▬▬▬ ▬▬ ▬▬▬ ▬▬ ▬▬▬▬ ▬▬▬ ▬▬ ▬▬▬▬▬

ALBERT HERRENSCHMIDT.

Nouvelles Politiques
L'Enquête sur la Marine

▬▬ ▬▬▬ ▬▬ ▬▬▬▬ ▬▬ ▬▬▬ ▬▬ ▬▬▬▬ ▬▬▬ ▬▬ ▬▬▬▬▬ ▬▬ ▬▬▬ ▬▬ ▬▬▬▬ ▬▬ ▬▬▬ ▬▬ ▬▬▬▬ ▬▬▬ ▬▬ ▬▬▬▬▬ ▬▬ ▬▬▬ ▬▬ ▬▬▬▬ ▬▬ ▬▬▬ ▬▬ ▬▬▬▬ ▬▬▬ ▬▬ ▬▬▬▬▬ ▬▬ ▬▬▬ ▬▬ ▬▬▬▬ ▬▬ ▬▬▬ ▬▬ ▬▬▬▬ ▬▬▬ ▬▬ ▬▬▬▬▬ ▬▬ ▬▬▬ ▬▬ ▬▬▬▬ ▬▬ ▬▬▬ ▬▬ ▬▬▬▬ ▬▬▬ ▬▬ ▬▬▬▬▬ ▬▬ ▬▬▬ ▬▬ ▬▬▬▬ ▬▬ ▬▬▬ ▬▬ ▬▬▬▬ ▬▬▬ ▬▬ ▬▬▬▬▬ ▬▬ ▬▬▬ ▬▬ ▬▬▬▬ ▬▬ ▬▬▬ ▬▬ ▬▬▬▬ ▬▬▬ ▬▬ ▬▬▬▬▬ ▬▬ ▬▬▬ ▬▬ ▬▬▬▬ ▬▬ ▬▬▬ ▬▬ ▬▬▬▬ ▬▬▬ ▬▬ ▬▬▬▬▬ ▬▬ ▬▬▬ ▬▬ ▬▬▬▬ ▬▬ ▬▬▬ ▬▬ ▬▬▬▬ ▬▬▬ ▬▬ ▬▬▬▬▬ ▬▬ ▬▬▬ ▬▬ ▬▬▬▬ ▬▬ ▬▬▬ ▬▬ ▬▬▬▬ ▬▬▬ ▬▬ ▬▬▬▬▬ ▬▬ ▬▬▬ ▬▬ ▬▬▬▬ ▬▬ ▬▬▬ ▬▬ ▬▬▬▬ ▬▬▬ ▬▬ ▬▬▬▬▬ ▬▬ ▬▬▬ ▬▬ ▬▬▬▬ ▬▬ ▬▬▬ ▬▬ ▬▬▬▬ ▬▬▬ ▬▬ ▬▬▬▬▬ ▬▬ ▬▬▬ ▬▬ ▬▬▬▬ ▬▬ ▬▬▬ ▬▬ ▬▬▬▬ ▬▬▬ ▬▬ ▬▬▬▬▬ ▬▬ ▬▬▬ ▬▬ ▬▬▬▬ ▬▬ ▬▬▬ ▬▬ ▬▬▬▬ ▬▬▬ ▬▬ ▬▬▬▬▬ ▬▬ ▬▬▬ ▬▬ ▬▬▬▬ ▬▬ ▬▬▬ ▬▬ ▬▬▬▬ ▬▬▬ ▬▬ ▬▬▬▬▬ ▬▬ ▬▬▬ ▬▬ ▬▬▬▬ ▬▬ ▬▬▬ ▬▬ ▬▬▬▬ ▬▬▬ ▬▬ ▬▬▬▬▬ ▬▬ ▬▬▬ ▬▬ ▬▬▬▬ ▬▬ ▬▬▬ ▬▬ ▬▬▬▬ ▬▬▬ ▬▬ ▬▬▬▬▬ ▬▬ ▬▬▬ ▬▬ ▬▬▬▬ ▬▬ ▬▬▬ ▬▬ ▬▬▬▬ ▬▬▬ ▬▬ ▬▬▬▬▬ ▬▬ ▬▬▬ ▬▬ ▬▬▬▬ ▬▬ ▬▬▬ ▬▬ ▬▬▬▬ ▬▬▬ ▬▬ ▬▬▬▬▬ ▬▬ ▬▬▬ ▬▬ ▬▬▬▬ ▬▬ ▬▬▬ ▬▬ ▬▬▬▬ ▬▬▬ ▬▬ ▬▬▬▬▬ ▬▬ ▬▬▬ ▬▬ ▬▬▬▬ ▬▬ ▬▬▬ ▬▬ ▬▬▬▬ ▬▬▬ ▬▬ ▬▬▬▬▬ ▬▬ ▬▬▬ ▬▬ ▬▬▬▬ ▬▬ ▬▬▬ ▬▬ ▬▬▬▬ ▬▬▬ ▬▬ ▬▬▬▬▬ ▬▬ ▬▬▬ ▬▬ ▬▬▬▬ ▬▬ ▬▬▬ ▬▬ ▬▬▬▬ ▬▬▬ ▬▬ ▬▬▬▬▬ ▬▬ ▬▬▬ ▬▬ ▬▬▬▬ ▬▬ ▬▬▬ ▬▬ ▬▬▬▬ ▬▬▬ ▬▬ ▬▬▬▬▬ ▬▬ ▬▬▬ ▬▬ ▬▬▬▬ ▬▬ ▬▬▬ ▬▬ ▬▬▬▬ ▬▬▬ ▬▬ ▬▬▬▬▬ ▬▬ ▬▬▬ ▬▬ ▬▬▬▬ ▬▬ ▬▬▬ ▬▬ ▬▬▬▬ ▬▬▬ ▬▬ ▬▬▬▬▬ ▬▬ ▬▬▬ ▬▬ ▬▬▬▬ ▬▬ ▬▬▬ ▬▬ ▬▬▬▬ ▬▬▬ ▬▬ ▬▬▬▬▬

Source nutrisco-patrimoine.lehavre.fr / Bibliothèque municipale du Havre
